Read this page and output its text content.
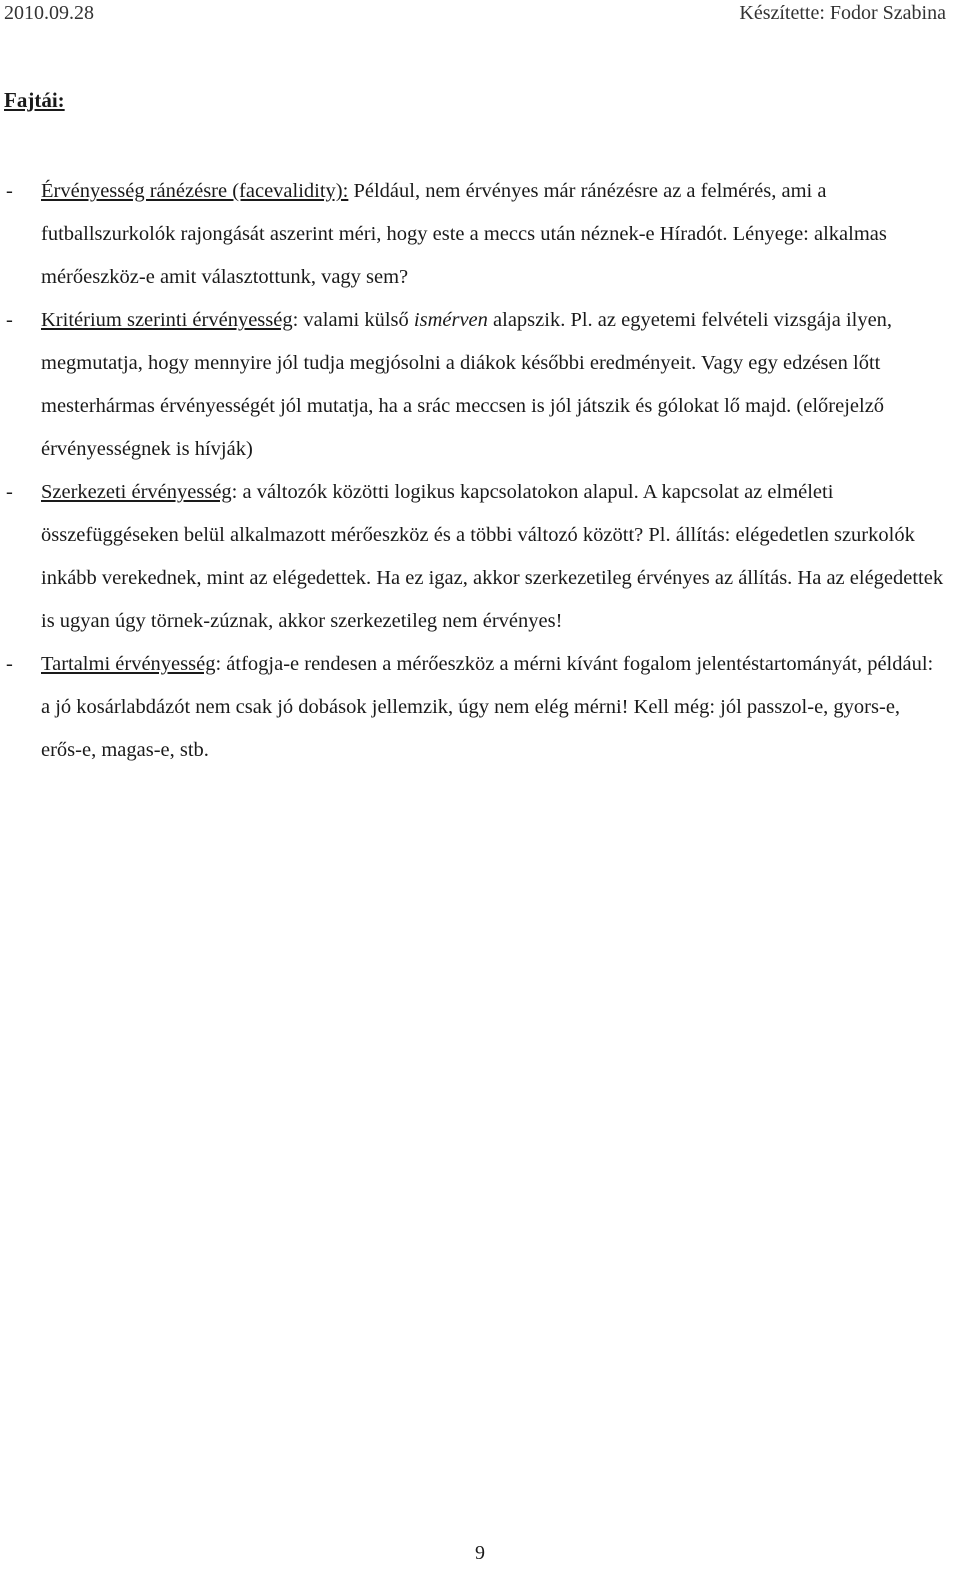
2010.09.28	Készítette: Fodor Szabina
Fajtái:
- Érvényesség ránézésre (facevalidity): Például, nem érvényes már ránézésre az a felmérés, ami a futballszurkolók rajongását aszerint méri, hogy este a meccs után néznek-e Híradót. Lényege: alkalmas mérőeszköz-e amit választottunk, vagy sem?
- Kritérium szerinti érvényesség: valami külső ismérven alapszik. Pl. az egyetemi felvételi vizsgája ilyen, megmutatja, hogy mennyire jól tudja megjósolni a diákok későbbi eredményeit. Vagy egy edzésen lőtt mesterhármas érvényességét jól mutatja, ha a srác meccsen is jól játszik és gólokat lő majd. (előrejelző érvényességnek is hívják)
- Szerkezeti érvényesség: a változók közötti logikus kapcsolatokon alapul. A kapcsolat az elméleti összefüggéseken belül alkalmazott mérőeszköz és a többi változó között? Pl. állítás: elégedetlen szurkolók inkább verekednek, mint az elégedettek. Ha ez igaz, akkor szerkezetileg érvényes az állítás. Ha az elégedettek is ugyan úgy törnek-zúznak, akkor szerkezetileg nem érvényes!
- Tartalmi érvényesség: átfogja-e rendesen a mérőeszköz a mérni kívánt fogalom jelentéstartományát, például: a jó kosárlabdázót nem csak jó dobások jellemzik, úgy nem elég mérni! Kell még: jól passzol-e, gyors-e, erős-e, magas-e, stb.
9
